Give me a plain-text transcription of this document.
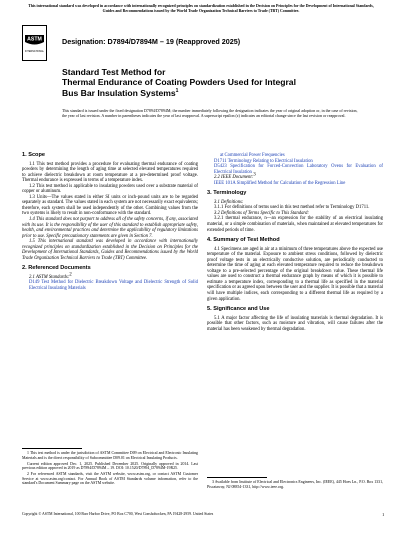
This international standard was developed in accordance with internationally recognized principles on standardization established in the Decision on Principles for the Development of International Standards, Guides and Recommendations issued by the World Trade Organization Technical Barriers to Trade (TBT) Committee.
ASTM
INTERNATIONAL
Designation: D7894/D7894M – 19 (Reapproved 2025)
Standard Test Method for
Thermal Endurance of Coating Powders Used for Integral
Bus Bar Insulation Systems$^1$
This standard is issued under the fixed designation D7894/D7894M; the number immediately following the designation indicates the year of original adoption or, in the case of revision, the year of last revision. A number in parentheses indicates the year of last reapproval. A superscript epsilon (ε) indicates an editorial change since the last revision or reapproval.

1. Scope

1.1 This test method provides a procedure for evaluating thermal endurance of coating powders by determining the length of aging time at selected elevated temperatures required to achieve dielectric breakdown at room temperature at a pre-determined proof voltage. Thermal endurance is expressed in terms of a temperature index.

1.2 This test method is applicable to insulating powders used over a substrate material of copper or aluminum.

1.3 Units—The values stated in either SI units or inch-pound units are to be regarded separately as standard. The values stated in each system are not necessarily exact equivalents; therefore, each system shall be used independently of the other. Combining values from the two systems is likely to result in non-conformance with the standard.

1.4 This standard does not purport to address all of the safety concerns, if any, associated with its use. It is the responsibility of the user of this standard to establish appropriate safety, health, and environmental practices and determine the applicability of regulatory limitations prior to use. Specific precautionary statements are given in Section 7.

1.5 This international standard was developed in accordance with internationally recognized principles on standardization established in the Decision on Principles for the Development of International Standards, Guides and Recommendations issued by the World Trade Organization Technical Barriers to Trade (TBT) Committee.

2. Referenced Documents

2.1 ASTM Standards:2

D149 Test Method for Dielectric Breakdown Voltage and Dielectric Strength of Solid Electrical Insulating Materials

at Commercial Power Frequencies

D1711 Terminology Relating to Electrical Insulation

D5423 Specification for Forced-Convection Laboratory Ovens for Evaluation of Electrical Insulation

2.2 IEEE Document:3

IEEE 101A Simplified Method for Calculation of the Regression Line

3. Terminology

3.1 Definitions:

3.1.1 For definitions of terms used in this test method refer to Terminology D1711.

3.2 Definitions of Terms Specific to This Standard:

3.2.1 thermal endurance, n—an expression for the stability of an electrical insulating material, or a simple combination of materials, when maintained at elevated temperatures for extended periods of time.

4. Summary of Test Method

4.1 Specimens are aged in air at a minimum of three temperatures above the expected use temperature of the material. Exposure to ambient stress conditions, followed by dielectric proof voltage tests in an electrically conductive solution, are periodically conducted to determine the time of aging at each elevated temperature required to reduce the breakdown voltage to a pre-selected percentage of the original breakdown value. These thermal life values are used to construct a thermal endurance graph by means of which it is possible to estimate a temperature index, corresponding to a thermal life as specified in the material specification or as agreed upon between the user and the supplier. It is possible that a material will have multiple indices, each corresponding to a different thermal life as required by a given application.

5. Significance and Use

5.1 A major factor affecting the life of insulating materials is thermal degradation. It is possible that other factors, such as moisture and vibration, will cause failures after the material has been weakened by thermal degradation.

1 This test method is under the jurisdiction of ASTM Committee D09 on Electrical and Electronic Insulating Materials and is the direct responsibility of Subcommittee D09.01 on Electrical Insulating Products.

Current edition approved Dec. 1, 2025. Published December 2025. Originally approved in 2014. Last previous edition approved in 2019 as D7894/D7894M – 19. DOI: 10.1520/D7894_D7894M-19R25.

2 For referenced ASTM standards, visit the ASTM website, www.astm.org, or contact ASTM Customer Service at www.astm.org/contact. For Annual Book of ASTM Standards volume information, refer to the standard's Document Summary page on the ASTM website.	3 Available from Institute of Electrical and Electronics Engineers, Inc. (IEEE), 445 Hoes Ln., P.O. Box 1331, Piscataway, NJ 08854-1331, http://www.ieee.org.

Copyright © ASTM International, 100 Barr Harbor Drive, PO Box C700, West Conshohocken, PA 19428-2959. United States	1
